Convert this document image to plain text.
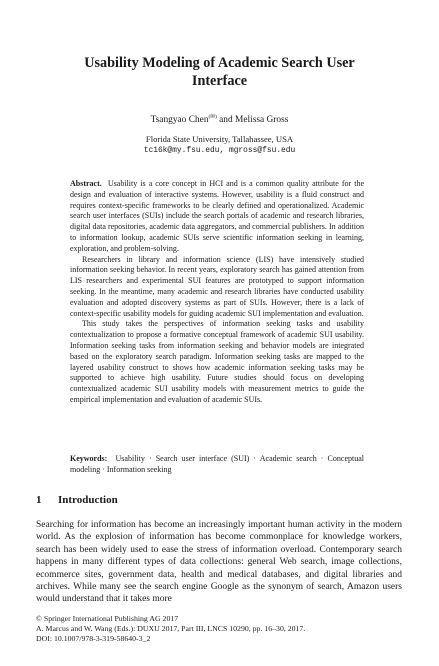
Usability Modeling of Academic Search User Interface
Tsangyao Chen(✉) and Melissa Gross
Florida State University, Tallahassee, USA
tc16k@my.fsu.edu, mgross@fsu.edu

Abstract. Usability is a core concept in HCI and is a common quality attribute for the design and evaluation of interactive systems. However, usability is a fluid construct and requires context-specific frameworks to be clearly defined and operationalized. Academic search user interfaces (SUIs) include the search portals of academic and research libraries, digital data repositories, academic data aggregators, and commercial publishers. In addition to information lookup, academic SUIs serve scientific information seeking in learning, exploration, and problem-solving.

Researchers in library and information science (LIS) have intensively studied information seeking behavior. In recent years, exploratory search has gained attention from LIS researchers and experimental SUI features are prototyped to support information seeking. In the meantime, many academic and research libraries have conducted usability evaluation and adopted discovery systems as part of SUIs. However, there is a lack of context-specific usability models for guiding academic SUI implementation and evaluation.

This study takes the perspectives of information seeking tasks and usability contextualization to propose a formative conceptual framework of academic SUI usability. Information seeking tasks from information seeking and behavior models are integrated based on the exploratory search paradigm. Information seeking tasks are mapped to the layered usability construct to shows how academic information seeking tasks may be supported to achieve high usability. Future studies should focus on developing contextualized academic SUI usability models with measurement metrics to guide the empirical implementation and evaluation of academic SUIs.

Keywords: Usability · Search user interface (SUI) · Academic search · Conceptual modeling · Information seeking
1 Introduction

Searching for information has become an increasingly important human activity in the modern world. As the explosion of information has become commonplace for knowledge workers, search has been widely used to ease the stress of information overload. Contemporary search happens in many different types of data collections: general Web search, image collections, ecommerce sites, government data, health and medical databases, and digital libraries and archives. While many see the search engine Google as the synonym of search, Amazon users would understand that it takes more

© Springer International Publishing AG 2017
A. Marcus and W. Wang (Eds.): DUXU 2017, Part III, LNCS 10290, pp. 16–30, 2017.
DOI: 10.1007/978-3-319-58640-3_2
